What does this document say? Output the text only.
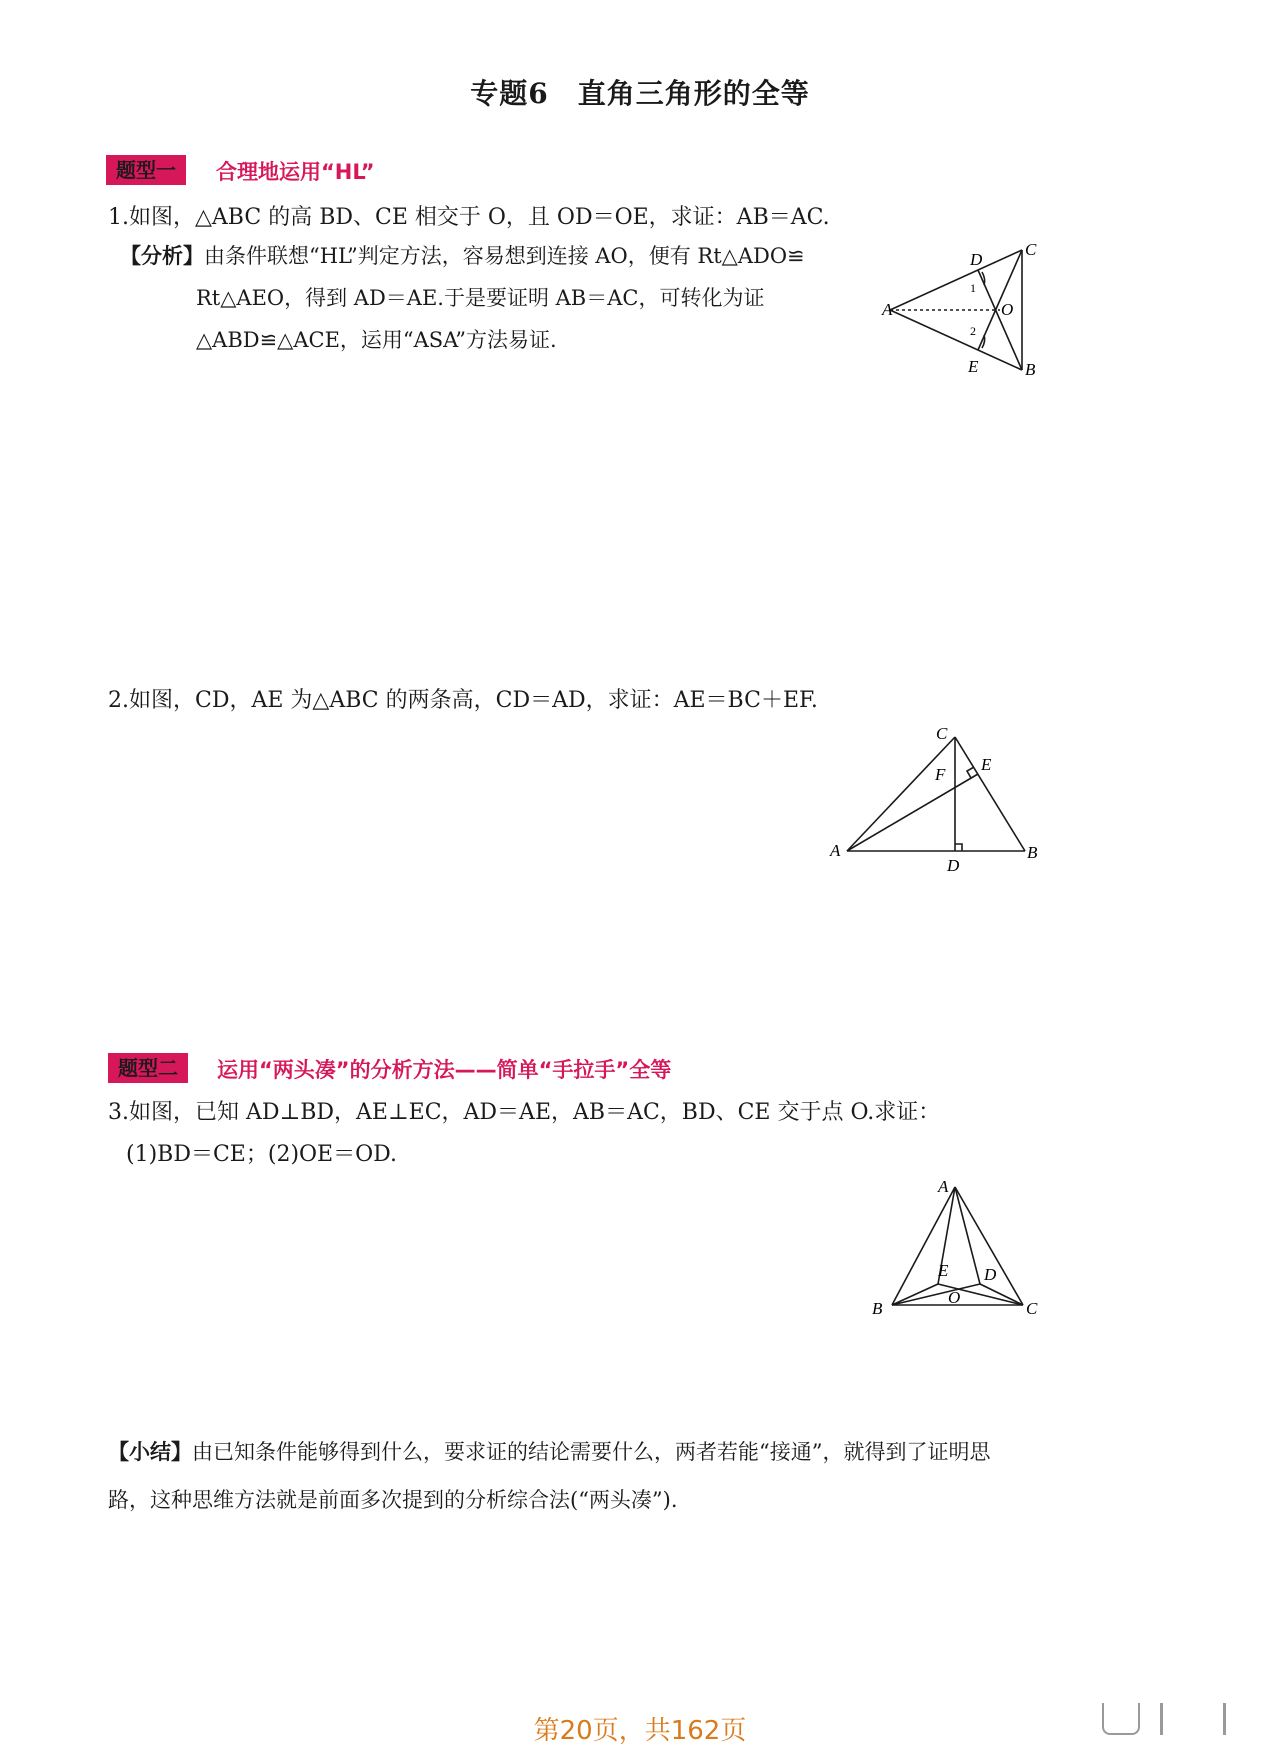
专题6　直角三角形的全等
题型一	合理地运用“HL”
1.如图，△ABC 的高 BD、CE 相交于 O，且 OD＝OE，求证：AB＝AC.
【分析】由条件联想“HL”判定方法，容易想到连接 AO，便有 Rt△ADO≌
Rt△AEO，得到 AD＝AE.于是要证明 AB＝AC，可转化为证
△ABD≌△ACE，运用“ASA”方法易证.
A
B
C
D
E
O
1
2
2.如图，CD，AE 为△ABC 的两条高，CD＝AD，求证：AE＝BC＋EF.
A	B
C
D
E
F
题型二	运用“两头凑”的分析方法——简单“手拉手”全等
3.如图，已知 AD⊥BD，AE⊥EC，AD＝AE，AB＝AC，BD、CE 交于点 O.求证：
(1)BD＝CE；(2)OE＝OD.
A
B	C
D
E
O
【小结】由已知条件能够得到什么，要求证的结论需要什么，两者若能“接通”，就得到了证明思
路，这种思维方法就是前面多次提到的分析综合法(“两头凑”).
第20页，共162页
